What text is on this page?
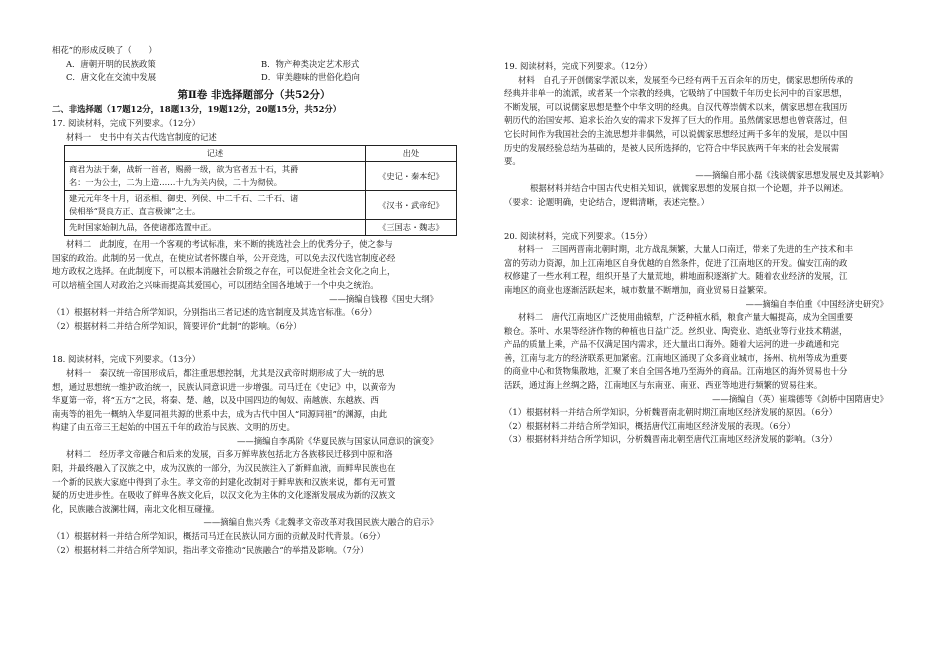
相花”的形成反映了（　　）
A．唐朝开明的民族政策	B．物产种类决定艺术形式
C．唐文化在交流中发展	D．审美趣味的世俗化趋向
第Ⅱ卷 非选择题部分（共52分）
二、非选择题（17题12分，18题13分，19题12分，20题15分，共52分）
17. 阅读材料，完成下列要求。（12分）
材料一　史书中有关古代选官制度的记述
记述	出处

商君为法于秦，战斩一首者，赐爵一级，欲为官者五十石，其爵
名：一为公士，二为上造……十九为关内侯，二十为彻侯。	《史记・秦本纪》

建元元年冬十月，诏丞相、御史、列侯、中二千石、二千石、诸
侯相举“贤良方正、直言极谏”之士。	《汉书・武帝纪》

先时国家始制九品，各使诸郡选置中正。	《三国志・魏志》
材料二　此制度，在用一个客观的考试标准，来不断的挑选社会上的优秀分子，使之参与
国家的政治。此制的另一优点，在使应试者怀牒自举，公开竞选，可以免去汉代选官制度必经
地方政权之选择。在此制度下，可以根本消融社会阶级之存在，可以促进全社会文化之向上，
可以培植全国人对政治之兴味而提高其爱国心，可以团结全国各地域于一个中央之统治。
——摘编自钱穆《国史大纲》
（1）根据材料一并结合所学知识，分别指出三者记述的选官制度及其选官标准。（6分）
（2）根据材料二并结合所学知识，简要评价“此制”的影响。（6分）
18. 阅读材料，完成下列要求。（13分）
材料一　秦汉统一帝国形成后，都注重思想控制，尤其是汉武帝时期形成了大一统的思
想，通过思想统一维护政治统一，民族认同意识进一步增强。司马迁在《史记》中，以黄帝为
华夏第一帝，将“五方”之民，将秦、楚、越，以及中国四边的匈奴、南越族、东越族、西
南夷等的祖先一概纳入华夏同祖共源的世系中去，成为古代中国人“同源同祖”的渊源，由此
构建了由五帝三王起始的中国五千年的政治与民族、文明的历史。
——摘编自李禹阶《华夏民族与国家认同意识的演变》
材料二　经历孝文帝融合和后来的发展，百多万鲜卑族包括北方各族移民迁移到中原和洛
阳，并最终融入了汉族之中，成为汉族的一部分，为汉民族注入了新鲜血液，而鲜卑民族也在
一个新的民族大家庭中得到了永生。孝文帝的封建化改制对于鲜卑族和汉族来说，都有无可置
疑的历史进步性。在吸收了鲜卑各族文化后，以汉文化为主体的文化逐渐发展成为新的汉族文
化，民族融合波澜壮阔，南北文化相互碰撞。
——摘编自焦兴秀《北魏孝文帝改革对我国民族大融合的启示》
（1）根据材料一并结合所学知识，概括司马迁在民族认同方面的贡献及时代背景。（6分）
（2）根据材料二并结合所学知识，指出孝文帝推动“民族融合”的举措及影响。（7分）
19. 阅读材料，完成下列要求。（12分）
材料　自孔子开创儒家学派以来，发展至今已经有两千五百余年的历史，儒家思想所传承的
经典并非单一的流派，或者某一个宗教的经典，它吸纳了中国数千年历史长河中的百家思想，
不断发展，可以说儒家思想是整个中华文明的经典。自汉代尊崇儒术以来，儒家思想在我国历
朝历代的治国安邦、追求长治久安的需求下发挥了巨大的作用。虽然儒家思想也曾衰落过，但
它长时间作为我国社会的主流思想并非偶然，可以说儒家思想经过两千多年的发展，是以中国
历史的发展经验总结为基础的，是被人民所选择的，它符合中华民族两千年来的社会发展需
要。
——摘编自邢小磊《浅谈儒家思想发展史及其影响》
根据材料并结合中国古代史相关知识，就儒家思想的发展自拟一个论题，并予以阐述。
（要求：论题明确，史论结合，逻辑清晰，表述完整。）
20. 阅读材料，完成下列要求。（15分）
材料一　三国两晋南北朝时期，北方战乱频繁，大量人口南迁，带来了先进的生产技术和丰
富的劳动力资源，加上江南地区自身优越的自然条件，促进了江南地区的开发。偏安江南的政
权修建了一些水利工程，组织开垦了大量荒地，耕地面积逐渐扩大。随着农业经济的发展，江
南地区的商业也逐渐活跃起来，城市数量不断增加，商业贸易日益繁荣。
——摘编自李伯重《中国经济史研究》
材料二　唐代江南地区广泛使用曲辕犁，广泛种植水稻，粮食产量大幅提高，成为全国重要
粮仓。茶叶、水果等经济作物的种植也日益广泛。丝织业、陶瓷业、造纸业等行业技术精湛，
产品的质量上乘，产品不仅满足国内需求，还大量出口海外。随着大运河的进一步疏通和完
善，江南与北方的经济联系更加紧密。江南地区涌现了众多商业城市，扬州、杭州等成为重要
的商业中心和货物集散地，汇聚了来自全国各地乃至海外的商品。江南地区的海外贸易也十分
活跃，通过海上丝绸之路，江南地区与东南亚、南亚、西亚等地进行频繁的贸易往来。
——摘编自（英）崔瑞德等《剑桥中国隋唐史》
（1）根据材料一并结合所学知识，分析魏晋南北朝时期江南地区经济发展的原因。（6分）
（2）根据材料二并结合所学知识，概括唐代江南地区经济发展的表现。（6分）
（3）根据材料并结合所学知识，分析魏晋南北朝至唐代江南地区经济发展的影响。（3分）
